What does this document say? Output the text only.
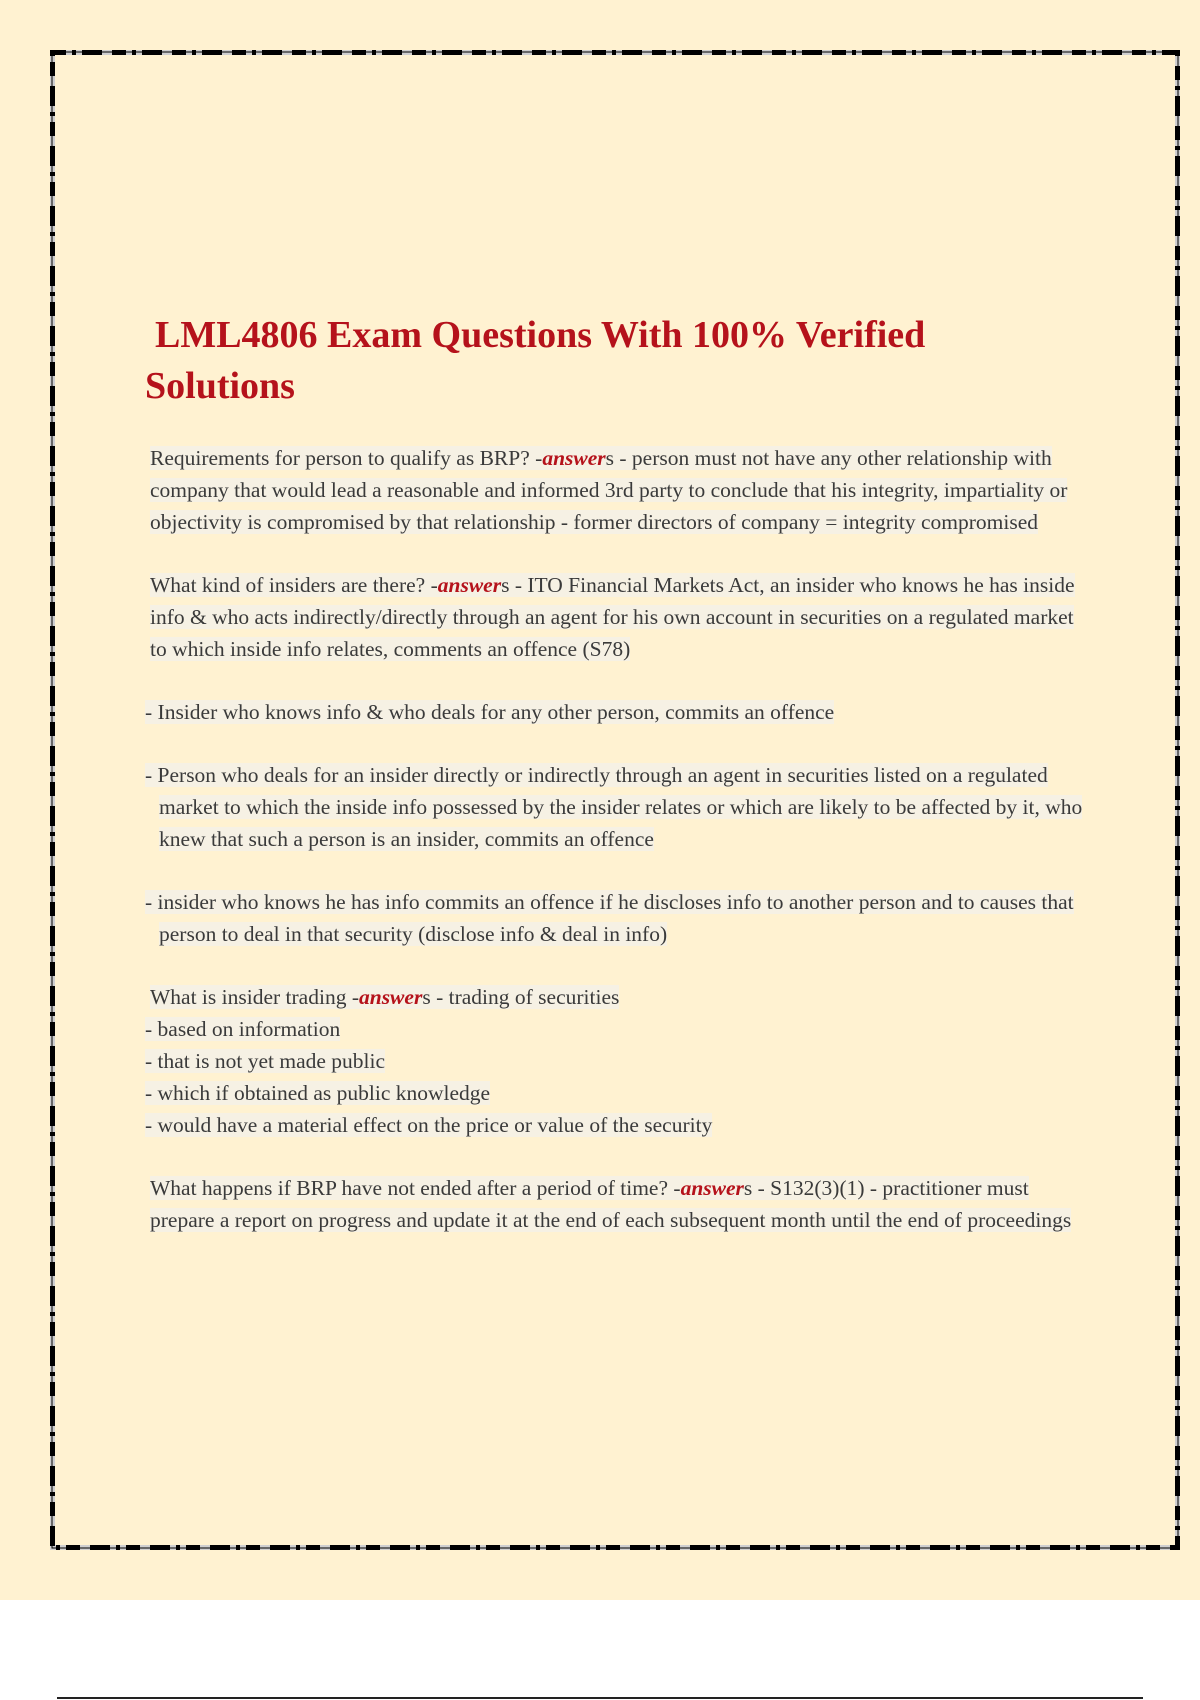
LML4806 Exam Questions With 100% Verified
Solutions

Requirements for person to qualify as BRP? -answers - person must not have any other relationship with company that would lead a reasonable and informed 3rd party to conclude that his integrity, impartiality or objectivity is compromised by that relationship - former directors of company = integrity compromised

What kind of insiders are there? -answers - ITO Financial Markets Act, an insider who knows he has inside info & who acts indirectly/directly through an agent for his own account in securities on a regulated market to which inside info relates, comments an offence (S78)

- Insider who knows info & who deals for any other person, commits an offence

- Person who deals for an insider directly or indirectly through an agent in securities listed on a regulated market to which the inside info possessed by the insider relates or which are likely to be affected by it, who knew that such a person is an insider, commits an offence

- insider who knows he has info commits an offence if he discloses info to another person and to causes that person to deal in that security (disclose info & deal in info)

What is insider trading -answers - trading of securities
- based on information
- that is not yet made public
- which if obtained as public knowledge
- would have a material effect on the price or value of the security

What happens if BRP have not ended after a period of time? -answers - S132(3)(1) - practitioner must prepare a report on progress and update it at the end of each subsequent month until the end of proceedings
